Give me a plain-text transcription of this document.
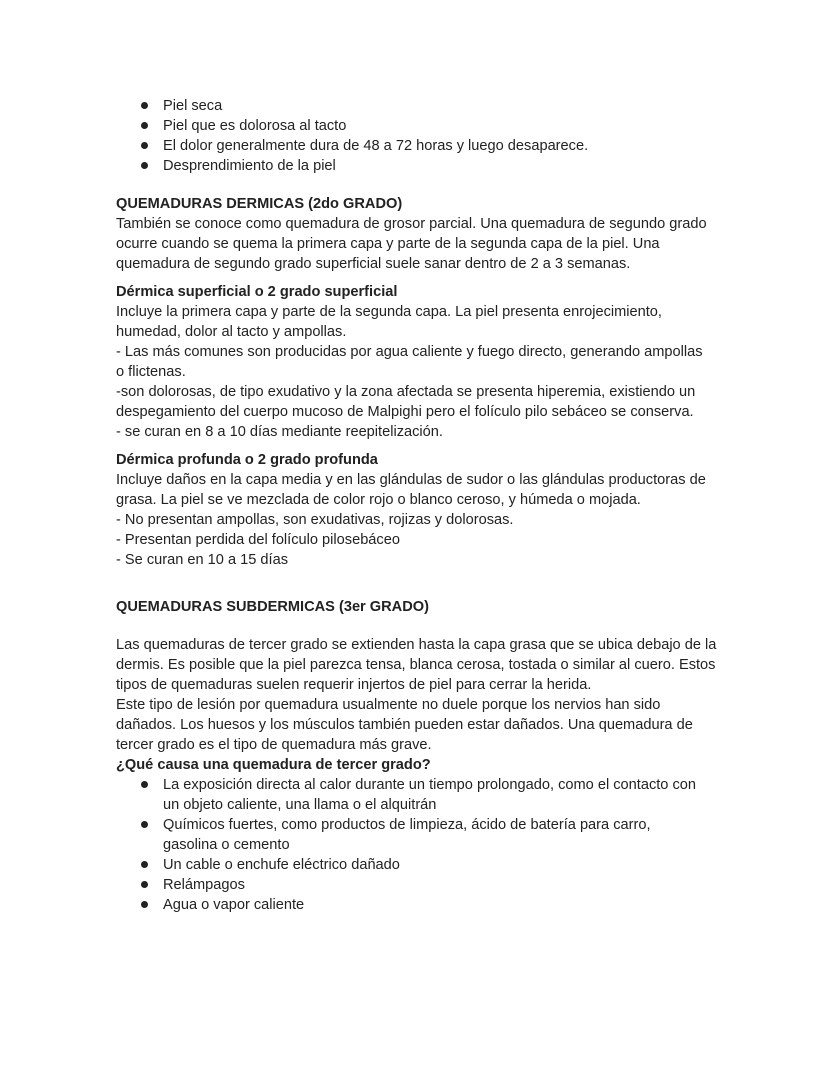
Piel seca
Piel que es dolorosa al tacto
El dolor generalmente dura de 48 a 72 horas y luego desaparece.
Desprendimiento de la piel
QUEMADURAS DERMICAS (2do GRADO)
También se conoce como quemadura de grosor parcial. Una quemadura de segundo grado
ocurre cuando se quema la primera capa y parte de la segunda capa de la piel. Una
quemadura de segundo grado superficial suele sanar dentro de 2 a 3 semanas.
Dérmica superficial o 2 grado superficial
Incluye la primera capa y parte de la segunda capa. La piel presenta enrojecimiento,
humedad, dolor al tacto y ampollas.
- Las más comunes son producidas por agua caliente y fuego directo, generando ampollas
o flictenas.
-son dolorosas, de tipo exudativo y la zona afectada se presenta hiperemia, existiendo un
despegamiento del cuerpo mucoso de Malpighi pero el folículo pilo sebáceo se conserva.
- se curan en 8 a 10 días mediante reepitelización.
Dérmica profunda o 2 grado profunda
Incluye daños en la capa media y en las glándulas de sudor o las glándulas productoras de
grasa. La piel se ve mezclada de color rojo o blanco ceroso, y húmeda o mojada.
- No presentan ampollas, son exudativas, rojizas y dolorosas.
- Presentan perdida del folículo pilosebáceo
- Se curan en 10 a 15 días
QUEMADURAS SUBDERMICAS (3er GRADO)
Las quemaduras de tercer grado se extienden hasta la capa grasa que se ubica debajo de la
dermis. Es posible que la piel parezca tensa, blanca cerosa, tostada o similar al cuero. Estos
tipos de quemaduras suelen requerir injertos de piel para cerrar la herida.
Este tipo de lesión por quemadura usualmente no duele porque los nervios han sido
dañados. Los huesos y los músculos también pueden estar dañados. Una quemadura de
tercer grado es el tipo de quemadura más grave.
¿Qué causa una quemadura de tercer grado?
La exposición directa al calor durante un tiempo prolongado, como el contacto con
un objeto caliente, una llama o el alquitrán
Químicos fuertes, como productos de limpieza, ácido de batería para carro,
gasolina o cemento
Un cable o enchufe eléctrico dañado
Relámpagos
Agua o vapor caliente
